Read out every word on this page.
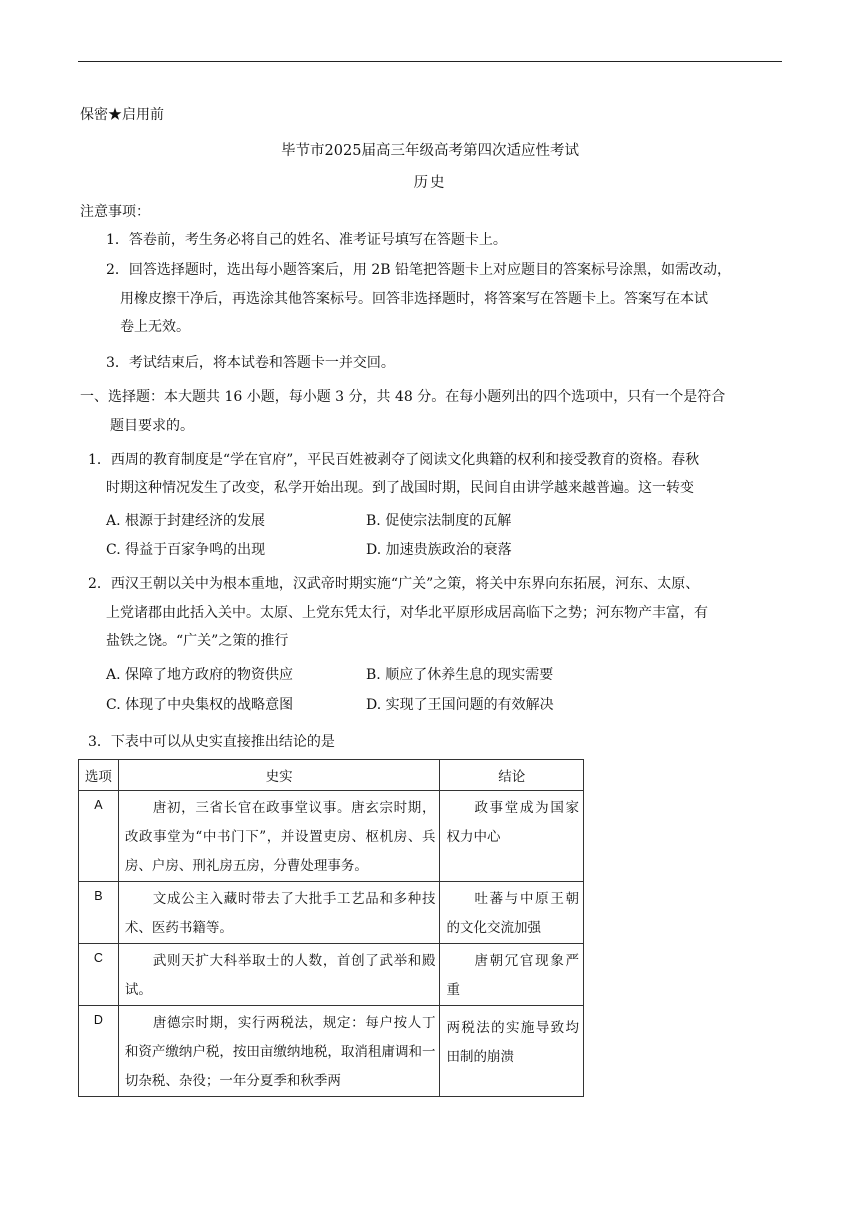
保密★启用前
毕节市2025届高三年级高考第四次适应性考试
历史
注意事项：
1．答卷前，考生务必将自己的姓名、准考证号填写在答题卡上。
2．回答选择题时，选出每小题答案后，用 2B 铅笔把答题卡上对应题目的答案标号涂黑，如需改动，
用橡皮擦干净后，再选涂其他答案标号。回答非选择题时，将答案写在答题卡上。答案写在本试
卷上无效。
3．考试结束后，将本试卷和答题卡一并交回。
一、选择题：本大题共 16 小题，每小题 3 分，共 48 分。在每小题列出的四个选项中，只有一个是符合
题目要求的。
1．西周的教育制度是“学在官府”，平民百姓被剥夺了阅读文化典籍的权利和接受教育的资格。春秋
时期这种情况发生了改变，私学开始出现。到了战国时期，民间自由讲学越来越普遍。这一转变
A. 根源于封建经济的发展	B. 促使宗法制度的瓦解
C. 得益于百家争鸣的出现	D. 加速贵族政治的衰落
2．西汉王朝以关中为根本重地，汉武帝时期实施“广关”之策，将关中东界向东拓展，河东、太原、
上党诸郡由此括入关中。太原、上党东凭太行，对华北平原形成居高临下之势；河东物产丰富，有
盐铁之饶。“广关”之策的推行
A. 保障了地方政府的物资供应	B. 顺应了休养生息的现实需要
C. 体现了中央集权的战略意图	D. 实现了王国问题的有效解决
3．下表中可以从史实直接推出结论的是
选项	史实	结论

A	唐初，三省长官在政事堂议事。唐玄宗时期，改政事堂为“中书门下”，并设置吏房、枢机房、兵房、户房、刑礼房五房，分曹处理事务。	政事堂成为国家权力中心

B	文成公主入藏时带去了大批手工艺品和多种技术、医药书籍等。	吐蕃与中原王朝的文化交流加强

C	武则天扩大科举取士的人数，首创了武举和殿试。	唐朝冗官现象严重

D	唐德宗时期，实行两税法，规定：每户按人丁和资产缴纳户税，按田亩缴纳地税，取消租庸调和一切杂税、杂役；一年分夏季和秋季两	两税法的实施导致均田制的崩溃
